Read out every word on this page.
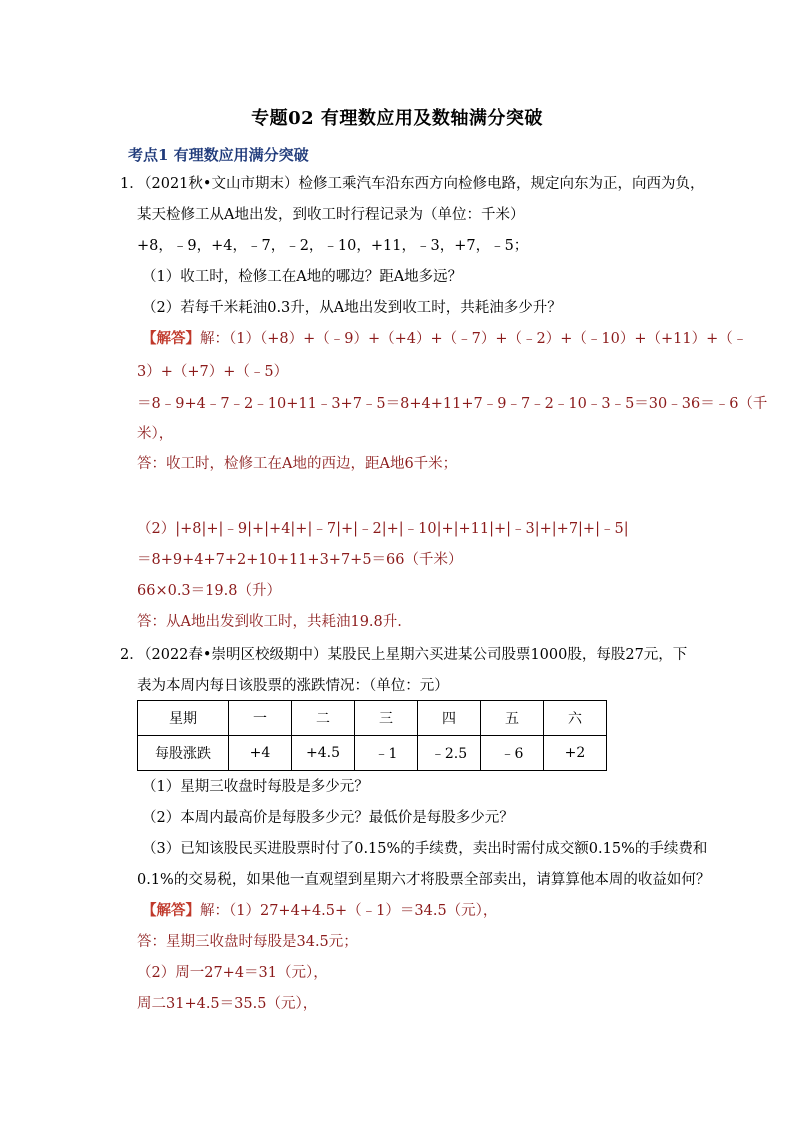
专题02 有理数应用及数轴满分突破
考点1 有理数应用满分突破
1．
（2021秋•文山市期末）检修工乘汽车沿东西方向检修电路，规定向东为正，向西为负，
某天检修工从A地出发，到收工时行程记录为（单位：千米）
+8，﹣9，+4，﹣7，﹣2，﹣10，+11，﹣3，+7，﹣5；
（1）收工时，检修工在A地的哪边？距A地多远？
（2）若每千米耗油0.3升，从A地出发到收工时，共耗油多少升？
【解答】解：（1）（+8）+（﹣9）+（+4）+（﹣7）+（﹣2）+（﹣10）+（+11）+（﹣
3）+（+7）+（﹣5）
＝8﹣9+4﹣7﹣2﹣10+11﹣3+7﹣5＝8+4+11+7﹣9﹣7﹣2﹣10﹣3﹣5＝30﹣36＝﹣6（千
米），
答：收工时，检修工在A地的西边，距A地6千米；
（2）|+8|+|﹣9|+|+4|+|﹣7|+|﹣2|+|﹣10|+|+11|+|﹣3|+|+7|+|﹣5|
＝8+9+4+7+2+10+11+3+7+5＝66（千米）
66×0.3＝19.8（升）
答：从A地出发到收工时，共耗油19.8升.
2．
（2022春•崇明区校级期中）某股民上星期六买进某公司股票1000股，每股27元，下
表为本周内每日该股票的涨跌情况：（单位：元）
星期	一	二	三	四	五	六
每股涨跌	+4	+4.5	﹣1	﹣2.5	﹣6	+2
（1）星期三收盘时每股是多少元？
（2）本周内最高价是每股多少元？最低价是每股多少元？
（3）已知该股民买进股票时付了0.15%的手续费，卖出时需付成交额0.15%的手续费和
0.1%的交易税，如果他一直观望到星期六才将股票全部卖出，请算算他本周的收益如何？
【解答】解：（1）27+4+4.5+（﹣1）＝34.5（元），
答：星期三收盘时每股是34.5元；
（2）周一27+4＝31（元），
周二31+4.5＝35.5（元），
